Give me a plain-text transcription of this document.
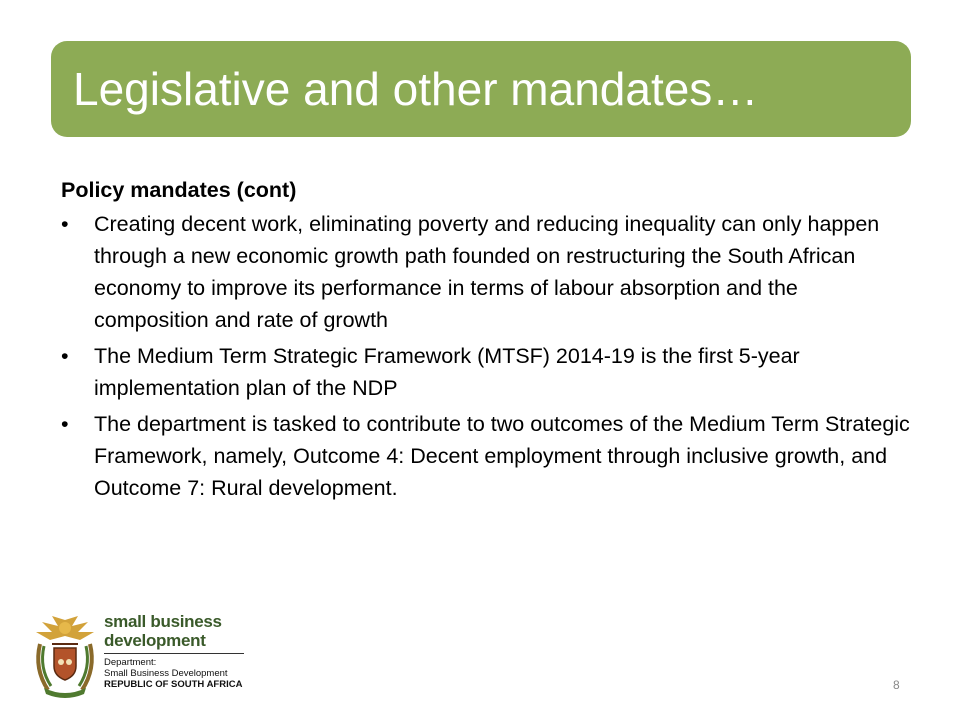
Legislative and other mandates…
Policy mandates (cont)
• Creating decent work, eliminating poverty and reducing inequality can only happen through a new economic growth path founded on restructuring the South African economy to improve its performance in terms of labour absorption and the composition and rate of growth
• The Medium Term Strategic Framework (MTSF) 2014-19 is the first 5-year implementation plan of the NDP
• The department is tasked to contribute to two outcomes of the Medium Term Strategic Framework, namely, Outcome 4: Decent employment through inclusive growth, and Outcome 7: Rural development.
small business
development
Department:
Small Business Development
REPUBLIC OF SOUTH AFRICA	8
